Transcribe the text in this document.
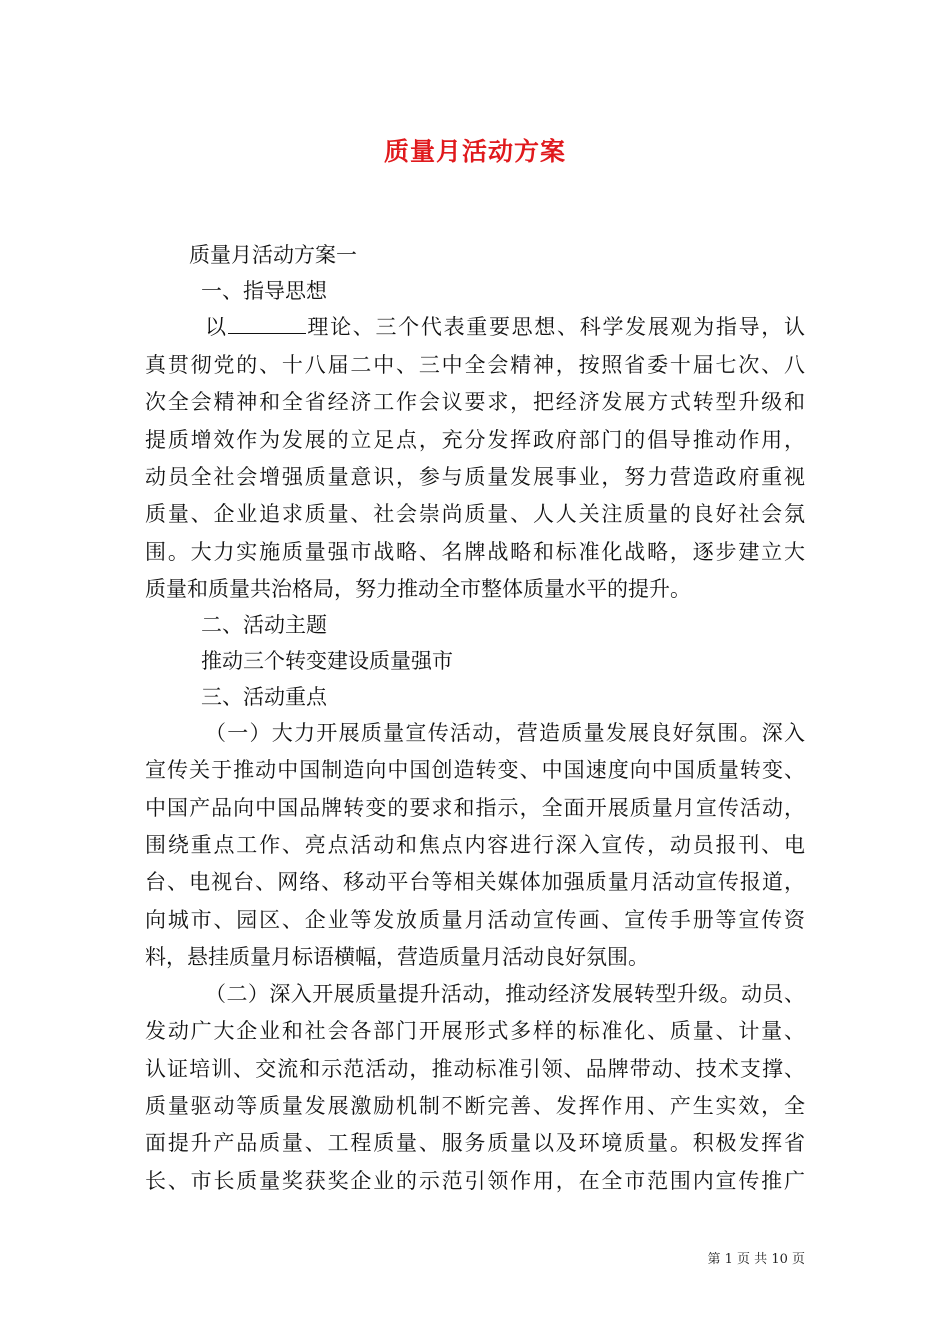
质量月活动方案
质量月活动方案一
一、指导思想
以	理论、三个代表重要思想、科学发展观为指导，认
真贯彻党的、十八届二中、三中全会精神，按照省委十届七次、八
次全会精神和全省经济工作会议要求，把经济发展方式转型升级和
提质增效作为发展的立足点，充分发挥政府部门的倡导推动作用，
动员全社会增强质量意识，参与质量发展事业，努力营造政府重视
质量、企业追求质量、社会崇尚质量、人人关注质量的良好社会氛
围。大力实施质量强市战略、名牌战略和标准化战略，逐步建立大
质量和质量共治格局，努力推动全市整体质量水平的提升。
二、活动主题
推动三个转变建设质量强市
三、活动重点
（一）大力开展质量宣传活动，营造质量发展良好氛围。深入
宣传关于推动中国制造向中国创造转变、中国速度向中国质量转变、
中国产品向中国品牌转变的要求和指示，全面开展质量月宣传活动，
围绕重点工作、亮点活动和焦点内容进行深入宣传，动员报刊、电
台、电视台、网络、移动平台等相关媒体加强质量月活动宣传报道，
向城市、园区、企业等发放质量月活动宣传画、宣传手册等宣传资
料，悬挂质量月标语横幅，营造质量月活动良好氛围。
（二）深入开展质量提升活动，推动经济发展转型升级。动员、
发动广大企业和社会各部门开展形式多样的标准化、质量、计量、
认证培训、交流和示范活动，推动标准引领、品牌带动、技术支撑、
质量驱动等质量发展激励机制不断完善、发挥作用、产生实效，全
面提升产品质量、工程质量、服务质量以及环境质量。积极发挥省
长、市长质量奖获奖企业的示范引领作用，在全市范围内宣传推广
第 1 页 共 10 页
